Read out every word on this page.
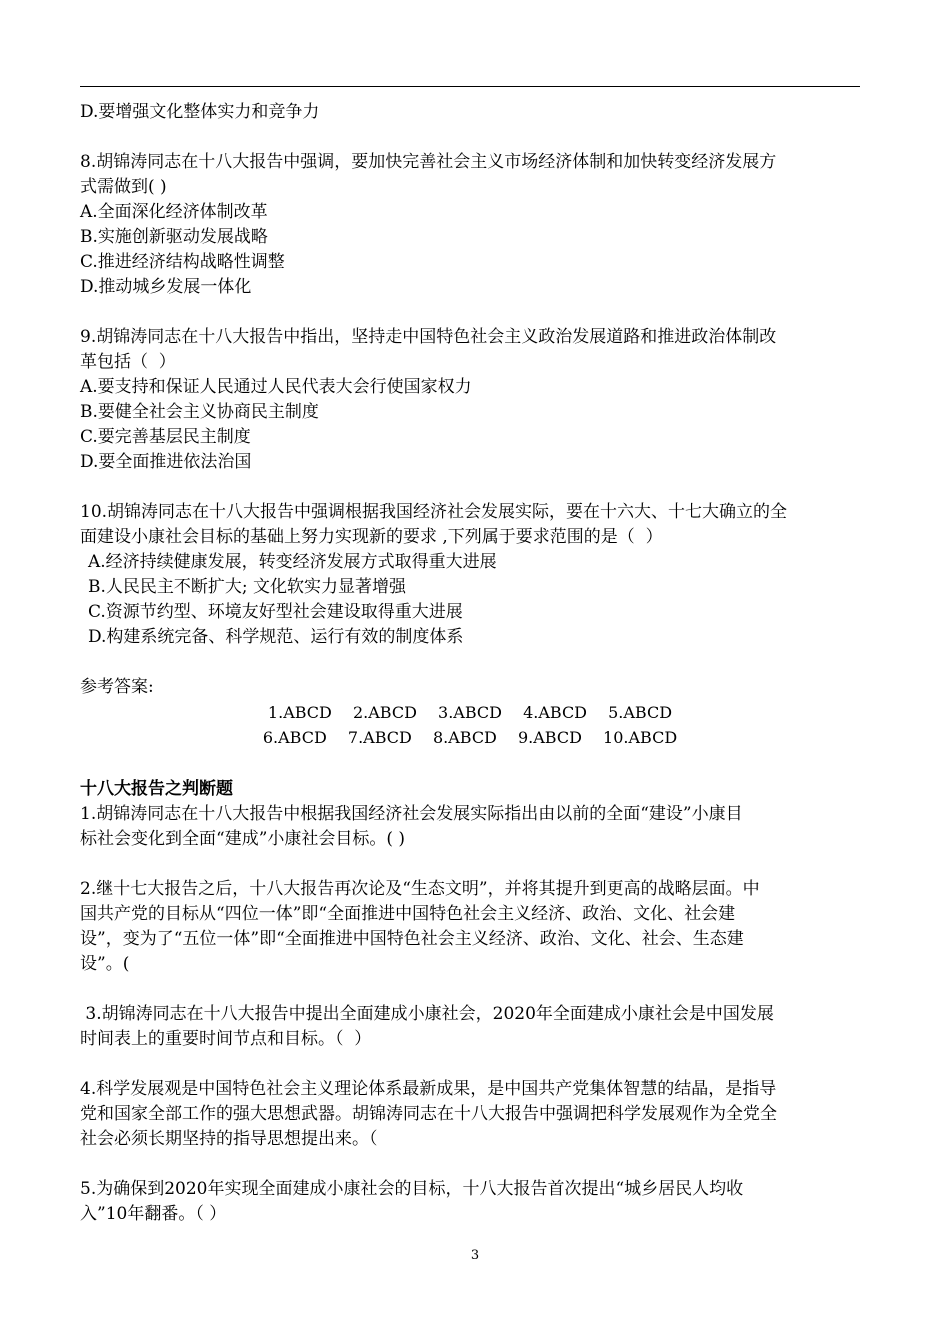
D.要增强文化整体实力和竞争力
8.胡锦涛同志在十八大报告中强调，要加快完善社会主义市场经济体制和加快转变经济发展方
式需做到( )
A.全面深化经济体制改革
B.实施创新驱动发展战略
C.推进经济结构战略性调整
D.推动城乡发展一体化
9.胡锦涛同志在十八大报告中指出，坚持走中国特色社会主义政治发展道路和推进政治体制改
革包括（  ）
A.要支持和保证人民通过人民代表大会行使国家权力
B.要健全社会主义协商民主制度
C.要完善基层民主制度
D.要全面推进依法治国
10.胡锦涛同志在十八大报告中强调根据我国经济社会发展实际，要在十六大、十七大确立的全
面建设小康社会目标的基础上努力实现新的要求 ,下列属于要求范围的是（  ）
A.经济持续健康发展，转变经济发展方式取得重大进展
B.人民民主不断扩大; 文化软实力显著增强
C.资源节约型、环境友好型社会建设取得重大进展
D.构建系统完备、科学规范、运行有效的制度体系
参考答案:
1.ABCD 2.ABCD 3.ABCD 4.ABCD 5.ABCD
6.ABCD 7.ABCD 8.ABCD 9.ABCD 10.ABCD
十八大报告之判断题
1.胡锦涛同志在十八大报告中根据我国经济社会发展实际指出由以前的全面“建设”小康目
标社会变化到全面“建成”小康社会目标。( )
2.继十七大报告之后，十八大报告再次论及“生态文明”，并将其提升到更高的战略层面。中
国共产党的目标从“四位一体”即“全面推进中国特色社会主义经济、政治、文化、社会建
设”，变为了“五位一体”即“全面推进中国特色社会主义经济、政治、文化、社会、生态建
设”。(
3.胡锦涛同志在十八大报告中提出全面建成小康社会，2020年全面建成小康社会是中国发展
时间表上的重要时间节点和目标。（  ）
4.科学发展观是中国特色社会主义理论体系最新成果，是中国共产党集体智慧的结晶，是指导
党和国家全部工作的强大思想武器。胡锦涛同志在十八大报告中强调把科学发展观作为全党全
社会必须长期坚持的指导思想提出来。（
5.为确保到2020年实现全面建成小康社会的目标，十八大报告首次提出“城乡居民人均收
入”10年翻番。（ ）
3
